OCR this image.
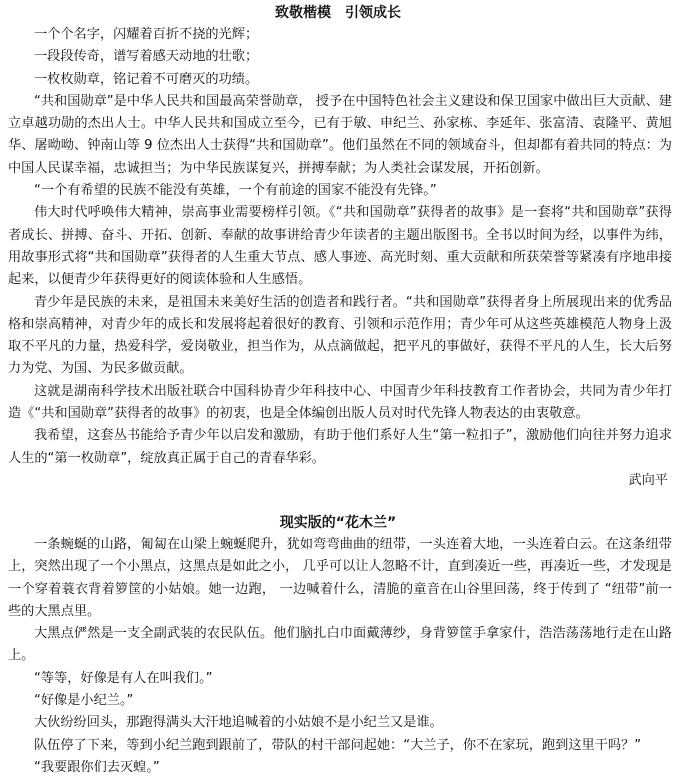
致敬楷模　引领成长

一个个名字，闪耀着百折不挠的光辉；

一段段传奇，谱写着感天动地的壮歌；

一枚枚勋章，铭记着不可磨灭的功绩。

“共和国勋章”是中华人民共和国最高荣誉勋章， 授予在中国特色社会主义建设和保卫国家中做出巨大贡献、建立卓越功勋的杰出人士。中华人民共和国成立至今，已有于敏、申纪兰、孙家栋、李延年、张富清、袁隆平、黄旭华、屠呦呦、钟南山等 9 位杰出人士获得“共和国勋章”。他们虽然在不同的领域奋斗，但却都有着共同的特点：为中国人民谋幸福，忠诚担当；为中华民族谋复兴，拼搏奉献；为人类社会谋发展，开拓创新。

“一个有希望的民族不能没有英雄，一个有前途的国家不能没有先锋。”

伟大时代呼唤伟大精神，崇高事业需要榜样引领。《“共和国勋章”获得者的故事》是一套将“共和国勋章”获得者成长、拼搏、奋斗、开拓、创新、奉献的故事讲给青少年读者的主题出版图书。全书以时间为经，以事件为纬，用故事形式将“共和国勋章”获得者的人生重大节点、感人事迹、高光时刻、重大贡献和所获荣誉等紧凑有序地串接起来，以便青少年获得更好的阅读体验和人生感悟。

青少年是民族的未来，是祖国未来美好生活的创造者和践行者。“共和国勋章”获得者身上所展现出来的优秀品格和崇高精神，对青少年的成长和发展将起着很好的教育、引领和示范作用；青少年可从这些英雄模范人物身上汲取不平凡的力量，热爱科学，爱岗敬业，担当作为，从点滴做起，把平凡的事做好，获得不平凡的人生，长大后努力为党、为国、为民多做贡献。

这就是湖南科学技术出版社联合中国科协青少年科技中心、中国青少年科技教育工作者协会，共同为青少年打造《“共和国勋章”获得者的故事》的初衷，也是全体编创出版人员对时代先锋人物表达的由衷敬意。

我希望，这套丛书能给予青少年以启发和激励，有助于他们系好人生“第一粒扣子”，激励他们向往并努力追求人生的“第一枚勋章”，绽放真正属于自己的青春华彩。

武向平
现实版的“花木兰”

一条蜿蜒的山路，匍匐在山梁上蜿蜒爬升，犹如弯弯曲曲的纽带，一头连着大地，一头连着白云。在这条纽带上，突然出现了一个小黑点，这黑点是如此之小， 几乎可以让人忽略不计，直到凑近一些，再凑近一些，才发现是一个穿着蓑衣背着箩筐的小姑娘。她一边跑， 一边喊着什么，清脆的童音在山谷里回荡，终于传到了 “纽带”前一些的大黑点里。

大黑点俨然是一支全副武装的农民队伍。他们脑扎白巾面戴薄纱，身背箩筐手拿家什，浩浩荡荡地行走在山路上。

“等等，好像是有人在叫我们。”

“好像是小纪兰。”

大伙纷纷回头，那跑得满头大汗地追喊着的小姑娘不是小纪兰又是谁。

队伍停了下来，等到小纪兰跑到跟前了，带队的村干部问起她：“大兰子，你不在家玩，跑到这里干吗？”

“我要跟你们去灭蝗。”
